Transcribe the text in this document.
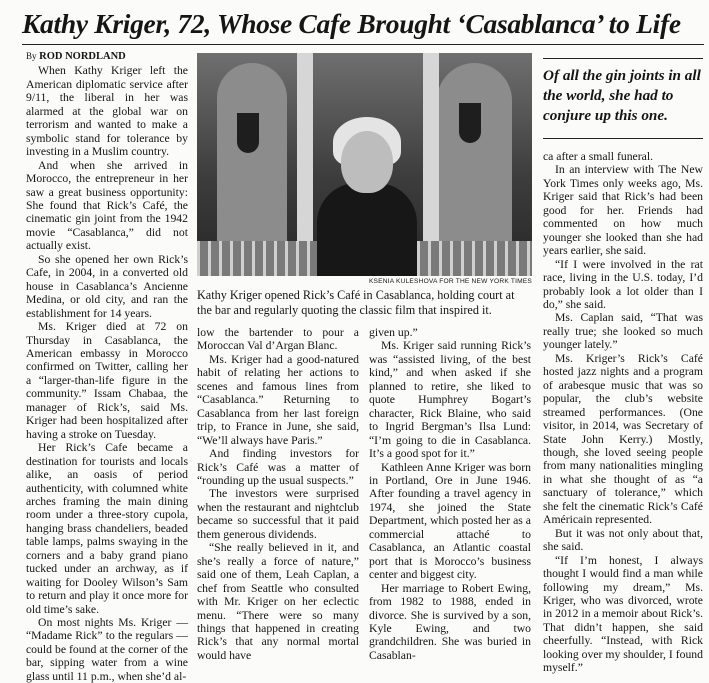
Kathy Kriger, 72, Whose Cafe Brought ‘Casablanca’ to Life

By ROD NORDLAND

When Kathy Kriger left the American diplomatic service after 9/11, the liberal in her was alarmed at the global war on terrorism and wanted to make a symbolic stand for tolerance by investing in a Muslim country.

And when she arrived in Morocco, the entrepreneur in her saw a great business opportunity: She found that Rick’s Café, the cinematic gin joint from the 1942 movie “Casablanca,” did not actually exist.

So she opened her own Rick’s Cafe, in 2004, in a converted old house in Casablanca’s Ancienne Medina, or old city, and ran the establishment for 14 years.

Ms. Kriger died at 72 on Thursday in Casablanca, the American embassy in Morocco confirmed on Twitter, calling her a “larger-than-life figure in the community.” Issam Chabaa, the manager of Rick’s, said Ms. Kriger had been hospitalized after having a stroke on Tuesday.

Her Rick’s Cafe became a destination for tourists and locals alike, an oasis of period authenticity, with columned white arches framing the main dining room under a three-story cupola, hanging brass chandeliers, beaded table lamps, palms swaying in the corners and a baby grand piano tucked under an archway, as if waiting for Dooley Wilson’s Sam to return and play it once more for old time’s sake.

On most nights Ms. Kriger — “Madame Rick” to the regulars — could be found at the corner of the bar, sipping water from a wine glass until 11 p.m., when she’d al-

KSENIA KULESHOVA FOR THE NEW YORK TIMES

Kathy Kriger opened Rick’s Café in Casablanca, holding court at the bar and regularly quoting the classic film that inspired it.

low the bartender to pour a Moroccan Val d’Argan Blanc.

Ms. Kriger had a good-natured habit of relating her actions to scenes and famous lines from “Casablanca.” Returning to Casablanca from her last foreign trip, to France in June, she said, “We’ll always have Paris.”

And finding investors for Rick’s Café was a matter of “rounding up the usual suspects.”

The investors were surprised when the restaurant and nightclub became so successful that it paid them generous dividends.

“She really believed in it, and she’s really a force of nature,” said one of them, Leah Caplan, a chef from Seattle who consulted with Mr. Kriger on her eclectic menu. “There were so many things that happened in creating Rick’s that any normal mortal would have

given up.”

Ms. Kriger said running Rick’s was “assisted living, of the best kind,” and when asked if she planned to retire, she liked to quote Humphrey Bogart’s character, Rick Blaine, who said to Ingrid Bergman’s Ilsa Lund: “I’m going to die in Casablanca. It’s a good spot for it.”

Kathleen Anne Kriger was born in Portland, Ore in June 1946. After founding a travel agency in 1974, she joined the State Department, which posted her as a commercial attaché to Casablanca, an Atlantic coastal port that is Morocco’s business center and biggest city.

Her marriage to Robert Ewing, from 1982 to 1988, ended in divorce. She is survived by a son, Kyle Ewing, and two grandchildren. She was buried in Casablan-

Of all the gin joints in all the world, she had to conjure up this one.

ca after a small funeral.

In an interview with The New York Times only weeks ago, Ms. Kriger said that Rick’s had been good for her. Friends had commented on how much younger she looked than she had years earlier, she said.

“If I were involved in the rat race, living in the U.S. today, I’d probably look a lot older than I do,” she said.

Ms. Caplan said, “That was really true; she looked so much younger lately.”

Ms. Kriger’s Rick’s Café hosted jazz nights and a program of arabesque music that was so popular, the club’s website streamed performances. (One visitor, in 2014, was Secretary of State John Kerry.) Mostly, though, she loved seeing people from many nationalities mingling in what she thought of as “a sanctuary of tolerance,” which she felt the cinematic Rick’s Café Américain represented.

But it was not only about that, she said.

“If I’m honest, I always thought I would find a man while following my dream,” Ms. Kriger, who was divorced, wrote in 2012 in a memoir about Rick’s. That didn’t happen, she said cheerfully. “Instead, with Rick looking over my shoulder, I found myself.”
